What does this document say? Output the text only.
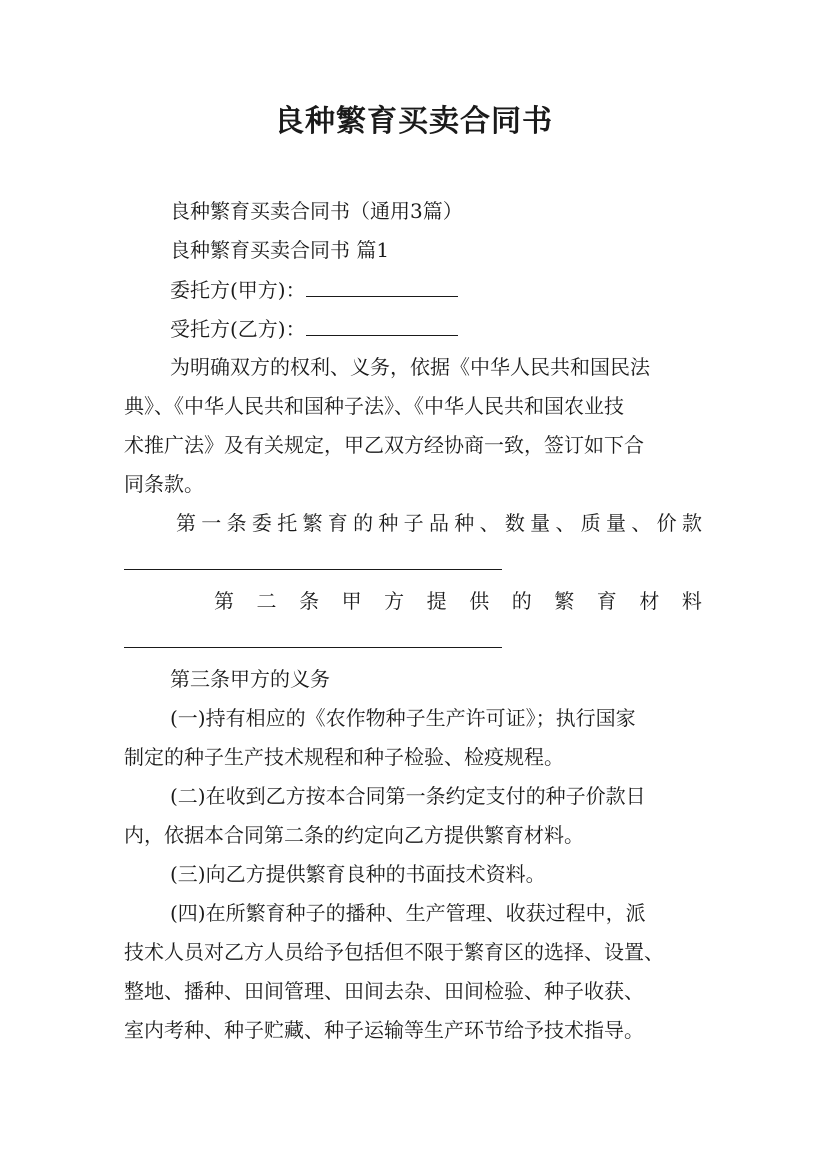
良种繁育买卖合同书
良种繁育买卖合同书（通用3篇）
良种繁育买卖合同书 篇1
委托方(甲方)：
受托方(乙方)：
为明确双方的权利、义务，依据《中华人民共和国民法
典》、《中华人民共和国种子法》、《中华人民共和国农业技
术推广法》及有关规定，甲乙双方经协商一致，签订如下合
同条款。
第 一 条 委 托 繁 育 的 种 子 品 种 、 数 量 、 质 量 、 价 款
第 二 条 甲 方 提 供 的 繁 育 材 料
第三条甲方的义务
(一)持有相应的《农作物种子生产许可证》；执行国家
制定的种子生产技术规程和种子检验、检疫规程。
(二)在收到乙方按本合同第一条约定支付的种子价款日
内，依据本合同第二条的约定向乙方提供繁育材料。
(三)向乙方提供繁育良种的书面技术资料。
(四)在所繁育种子的播种、生产管理、收获过程中，派
技术人员对乙方人员给予包括但不限于繁育区的选择、设置、
整地、播种、田间管理、田间去杂、田间检验、种子收获、
室内考种、种子贮藏、种子运输等生产环节给予技术指导。
